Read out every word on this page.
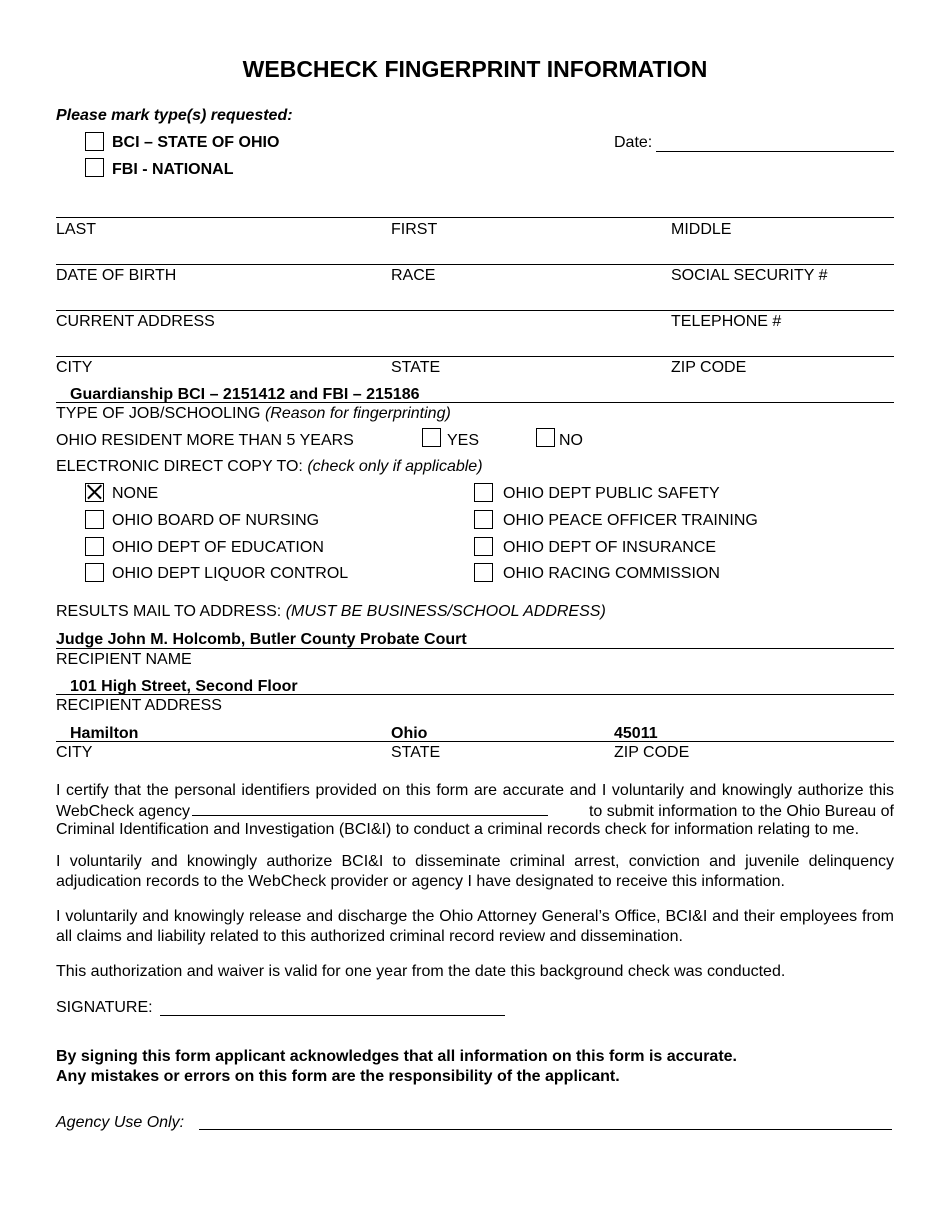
WEBCHECK FINGERPRINT INFORMATION
Please mark type(s) requested:
BCI – STATE OF OHIO
FBI - NATIONAL
Date:
LAST	FIRST	MIDDLE
DATE OF BIRTH	RACE	SOCIAL SECURITY #
CURRENT ADDRESS	TELEPHONE #
CITY	STATE	ZIP CODE
Guardianship BCI – 2151412 and FBI – 215186
TYPE OF JOB/SCHOOLING (Reason for fingerprinting)
OHIO RESIDENT MORE THAN 5 YEARS	YES	NO
ELECTRONIC DIRECT COPY TO: (check only if applicable)
NONE
OHIO BOARD OF NURSING
OHIO DEPT OF EDUCATION
OHIO DEPT LIQUOR CONTROL
OHIO DEPT PUBLIC SAFETY
OHIO PEACE OFFICER TRAINING
OHIO DEPT OF INSURANCE
OHIO RACING COMMISSION
RESULTS MAIL TO ADDRESS: (MUST BE BUSINESS/SCHOOL ADDRESS)
Judge John M. Holcomb, Butler County Probate Court
RECIPIENT NAME
101 High Street, Second Floor
RECIPIENT ADDRESS
Hamilton	Ohio	45011
CITY	STATE	ZIP CODE
I certify that the personal identifiers provided on this form are accurate and I voluntarily and knowingly authorize this
WebCheck agency	to submit information to the Ohio Bureau of
Criminal Identification and Investigation (BCI&I) to conduct a criminal records check for information relating to me.
I voluntarily and knowingly authorize BCI&I to disseminate criminal arrest, conviction and juvenile delinquency adjudication records to the WebCheck provider or agency I have designated to receive this information.
I voluntarily and knowingly release and discharge the Ohio Attorney General’s Office, BCI&I and their employees from all claims and liability related to this authorized criminal record review and dissemination.
This authorization and waiver is valid for one year from the date this background check was conducted.
SIGNATURE:
By signing this form applicant acknowledges that all information on this form is accurate.
Any mistakes or errors on this form are the responsibility of the applicant.
Agency Use Only:
